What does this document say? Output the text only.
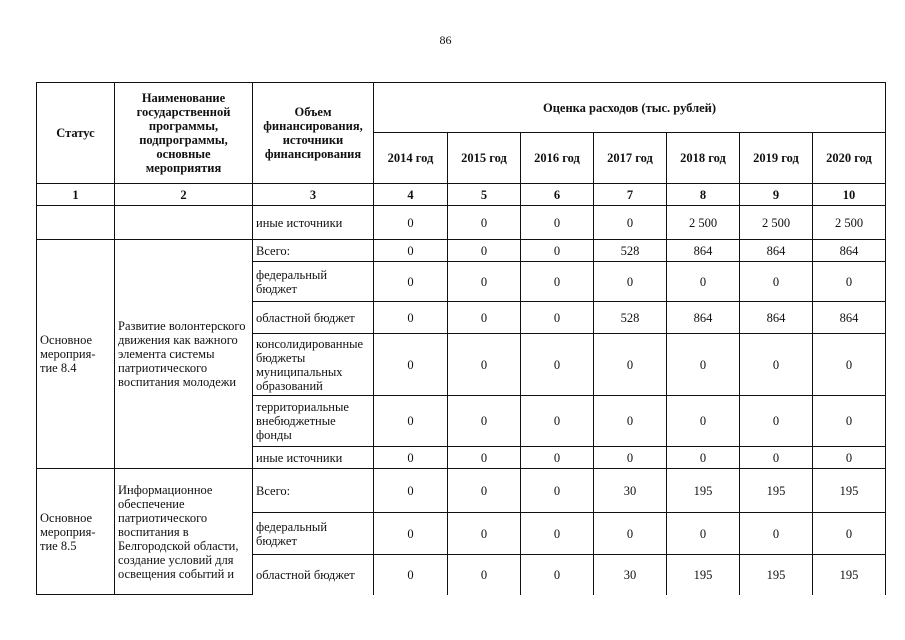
86
Статус	Наименование государственной программы, подпрограммы, основные мероприятия	Объем финансирования, источники финансирования	Оценка расходов (тыс. рублей)						
			2014 год	2015 год	2016 год	2017 год	2018 год	2019 год	2020 год
1	2	3	4	5	6	7	8	9	10
		иные источники	0	0	0	0	2 500	2 500	2 500
Основное мероприя-тие 8.4	Развитие волонтерского движения как важного элемента системы патриотического воспитания молодежи	Всего:	0	0	0	528	864	864	864
		федеральный бюджет	0	0	0	0	0	0	0
		областной бюджет	0	0	0	528	864	864	864
		консолидированные бюджеты муниципальных образований	0	0	0	0	0	0	0
		территориальные внебюджетные фонды	0	0	0	0	0	0	0
		иные источники	0	0	0	0	0	0	0
Основное мероприя-тие 8.5	Информационное обеспечение патриотического воспитания в Белгородской области, создание условий для освещения событий и	Всего:	0	0	0	30	195	195	195
		федеральный бюджет	0	0	0	0	0	0	0
		областной бюджет	0	0	0	30	195	195	195
